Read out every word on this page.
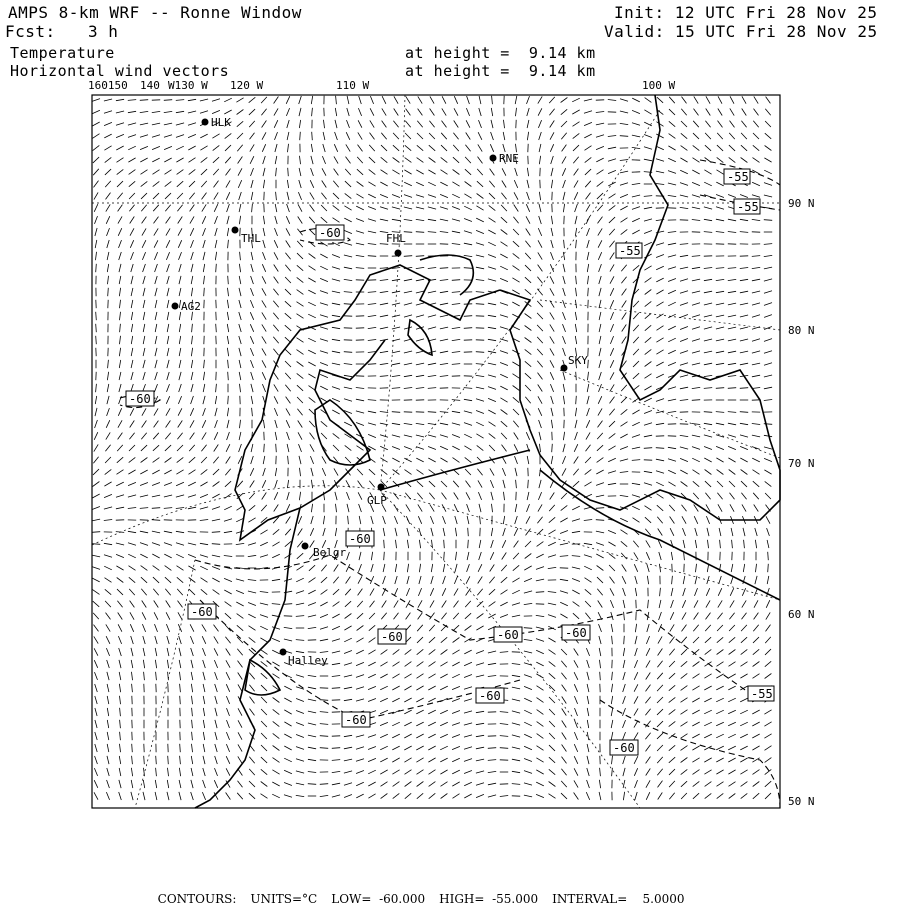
AMPS 8-km WRF -- Ronne Window
Fcst: 3 h
Init: 12 UTC Fri 28 Nov 25
Valid: 15 UTC Fri 28 Nov 25
Temperature
Horizontal wind vectors
at height =  9.14 km
at height =  9.14 km
160150 140 W130 W 120 W	110 W	100 W
90 N
80 N
70 N
60 N
50 N
HLK
RNE
THL	FHL
AG2
SKY
GLP
Belgr
Halley
-55
-55
-60
-55
-60
-60
-60
-60	-60	-60
-60	-55
-60
-60

CONTOURS: UNITS=°C LOW=  -60.000 HIGH=  -55.000 INTERVAL=    5.0000
